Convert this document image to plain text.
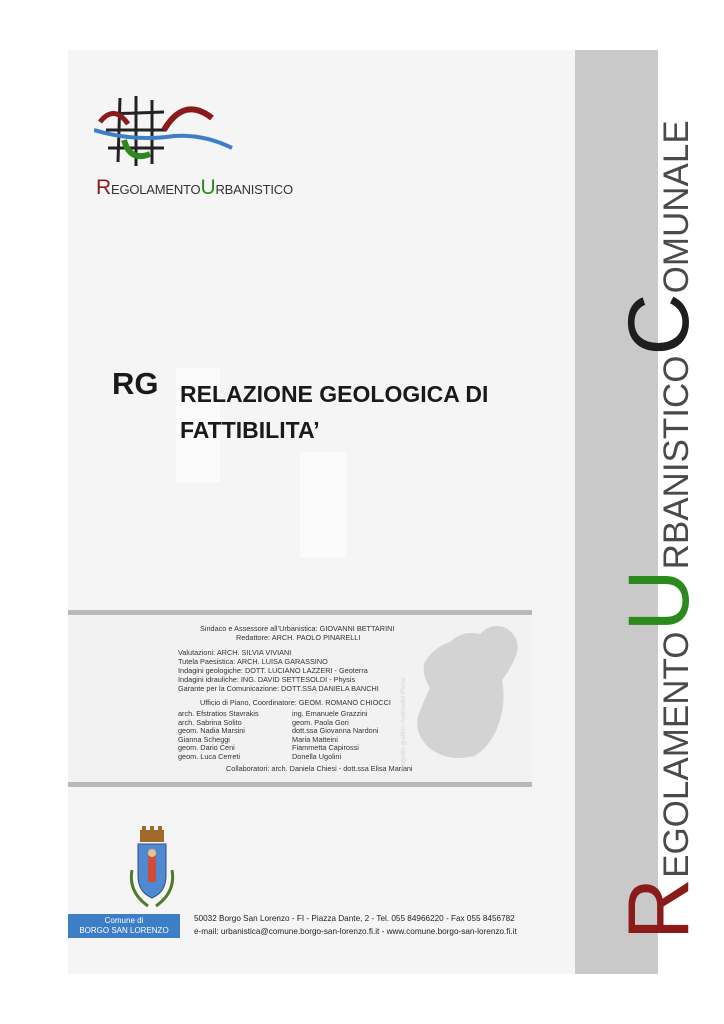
REGOLAMENTOURBANISTICOCOMUNALE
REGOLAMENTOURBANISTICO
RG RELAZIONE GEOLOGICA DI
FATTIBILITA’
Sindaco e Assessore all’Urbanistica: GIOVANNI BETTARINI
Redattore: ARCH. PAOLO PINARELLI
Valutazioni: ARCH. SILVIA VIVIANI
Tutela Paesistica: ARCH. LUISA GARASSINO
Indagini geologiche: DOTT. LUCIANO LAZZERI - Geoterra
Indagini idrauliche: ING. DAVID SETTESOLDI - Physis
Garante per la Comunicazione: DOTT.SSA DANIELA BANCHI
Ufficio di Piano, Coordinatore: GEOM. ROMANO CHIOCCI
arch. Efstratios Stavrakis
arch. Sabrina Solito
geom. Nadia Marsini
Gianna Scheggi
geom. Dario Ceni
geom. Luca Cerreti
ing. Emanuele Grazzini
geom. Paola Gori
dott.ssa Giovanna Nardoni
Maria Matteini
Fiammetta Capirossi
Donella Ugolini
Collaboratori: arch. Daniela Chiesi - dott.ssa Elisa Mariani
Progetto grafico: Antonello Pinna
Comune di
BORGO SAN LORENZO
50032 Borgo San Lorenzo - FI - Piazza Dante, 2 - Tel. 055 84966220 - Fax 055 8456782
e-mail: urbanistica@comune.borgo-san-lorenzo.fi.it - www.comune.borgo-san-lorenzo.fi.it
